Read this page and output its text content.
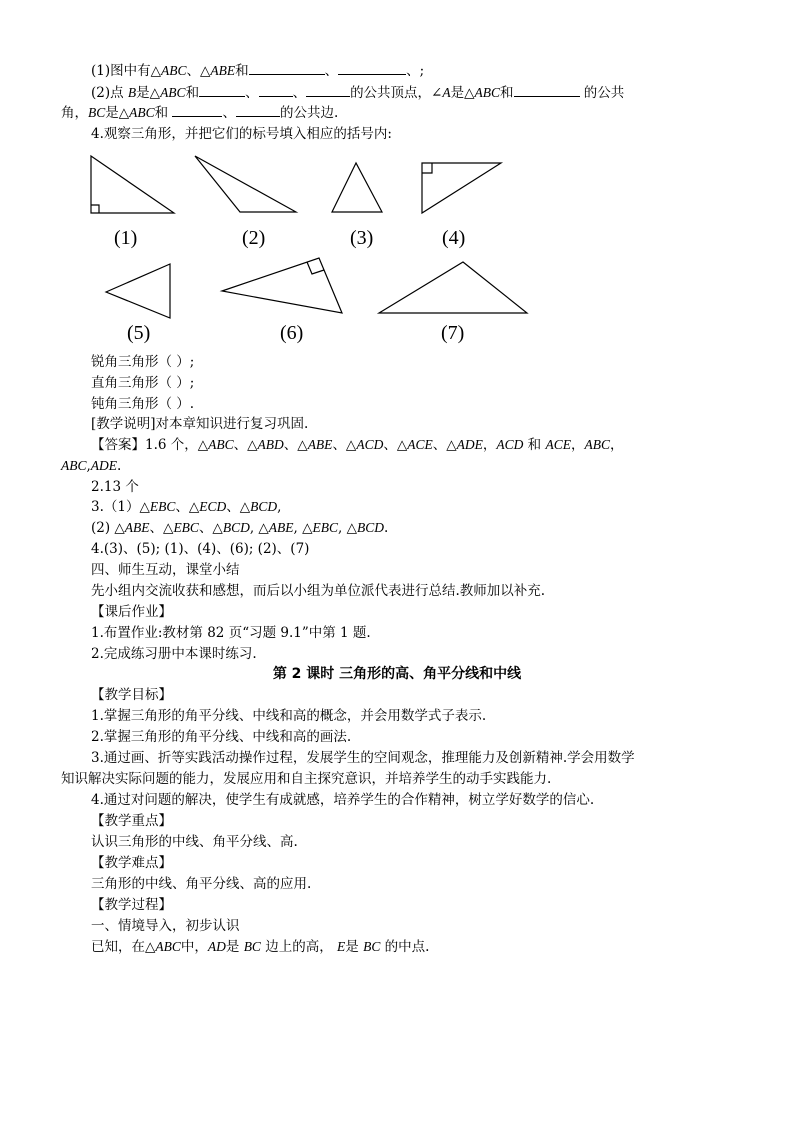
(1)图中有△ABC、△ABE和	、	、;
(2)点 B是△ABC和	、	、	的公共顶点，∠A是△ABC和	的公共
角，BC是△ABC和	、	的公共边.
4.观察三角形，并把它们的标号填入相应的括号内:
(1)	(2)	(3)	(4)
(5)	(6)	(7)
锐角三角形（ ）;
直角三角形（ ）;
钝角三角形（ ）.
[教学说明]对本章知识进行复习巩固.
【答案】1.6 个，△ABC、△ABD、△ABE、△ACD、△ACE、△ADE，ACD 和 ACE，ABC，
ABC,ADE.
2.13 个
3.（1）△EBC、△ECD、△BCD,
(2) △ABE、△EBC、△BCD, △ABE, △EBC, △BCD.
4.(3)、(5); (1)、(4)、(6); (2)、(7)
四、师生互动，课堂小结
先小组内交流收获和感想，而后以小组为单位派代表进行总结.教师加以补充.
【课后作业】
1.布置作业:教材第 82 页“习题 9.1”中第 1 题.
2.完成练习册中本课时练习.
第 2 课时 三角形的高、角平分线和中线
【教学目标】
1.掌握三角形的角平分线、中线和高的概念，并会用数学式子表示.
2.掌握三角形的角平分线、中线和高的画法.
3.通过画、折等实践活动操作过程，发展学生的空间观念，推理能力及创新精神.学会用数学
知识解决实际问题的能力，发展应用和自主探究意识，并培养学生的动手实践能力.
4.通过对问题的解决，使学生有成就感，培养学生的合作精神，树立学好数学的信心.
【教学重点】
认识三角形的中线、角平分线、高.
【教学难点】
三角形的中线、角平分线、高的应用.
【教学过程】
一、情境导入，初步认识
已知，在△ABC中，AD是 BC 边上的高， E是 BC 的中点.
